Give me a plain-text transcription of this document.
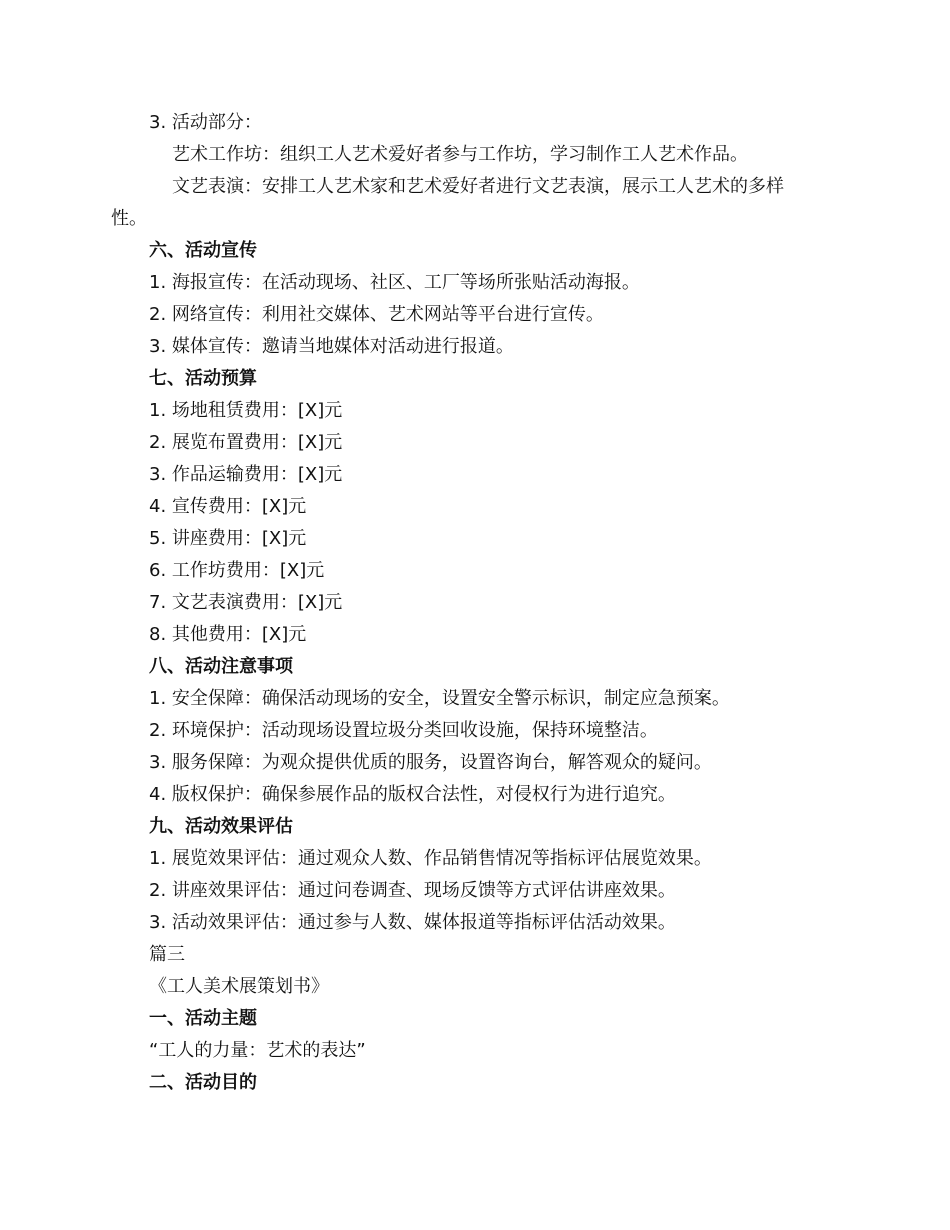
3. 活动部分：
艺术工作坊：组织工人艺术爱好者参与工作坊，学习制作工人艺术作品。
文艺表演：安排工人艺术家和艺术爱好者进行文艺表演，展示工人艺术的多样
性。
六、活动宣传
1. 海报宣传：在活动现场、社区、工厂等场所张贴活动海报。
2. 网络宣传：利用社交媒体、艺术网站等平台进行宣传。
3. 媒体宣传：邀请当地媒体对活动进行报道。
七、活动预算
1. 场地租赁费用：[X]元
2. 展览布置费用：[X]元
3. 作品运输费用：[X]元
4. 宣传费用：[X]元
5. 讲座费用：[X]元
6. 工作坊费用：[X]元
7. 文艺表演费用：[X]元
8. 其他费用：[X]元
八、活动注意事项
1. 安全保障：确保活动现场的安全，设置安全警示标识，制定应急预案。
2. 环境保护：活动现场设置垃圾分类回收设施，保持环境整洁。
3. 服务保障：为观众提供优质的服务，设置咨询台，解答观众的疑问。
4. 版权保护：确保参展作品的版权合法性，对侵权行为进行追究。
九、活动效果评估
1. 展览效果评估：通过观众人数、作品销售情况等指标评估展览效果。
2. 讲座效果评估：通过问卷调查、现场反馈等方式评估讲座效果。
3. 活动效果评估：通过参与人数、媒体报道等指标评估活动效果。
篇三
《工人美术展策划书》
一、活动主题
“工人的力量：艺术的表达”
二、活动目的
